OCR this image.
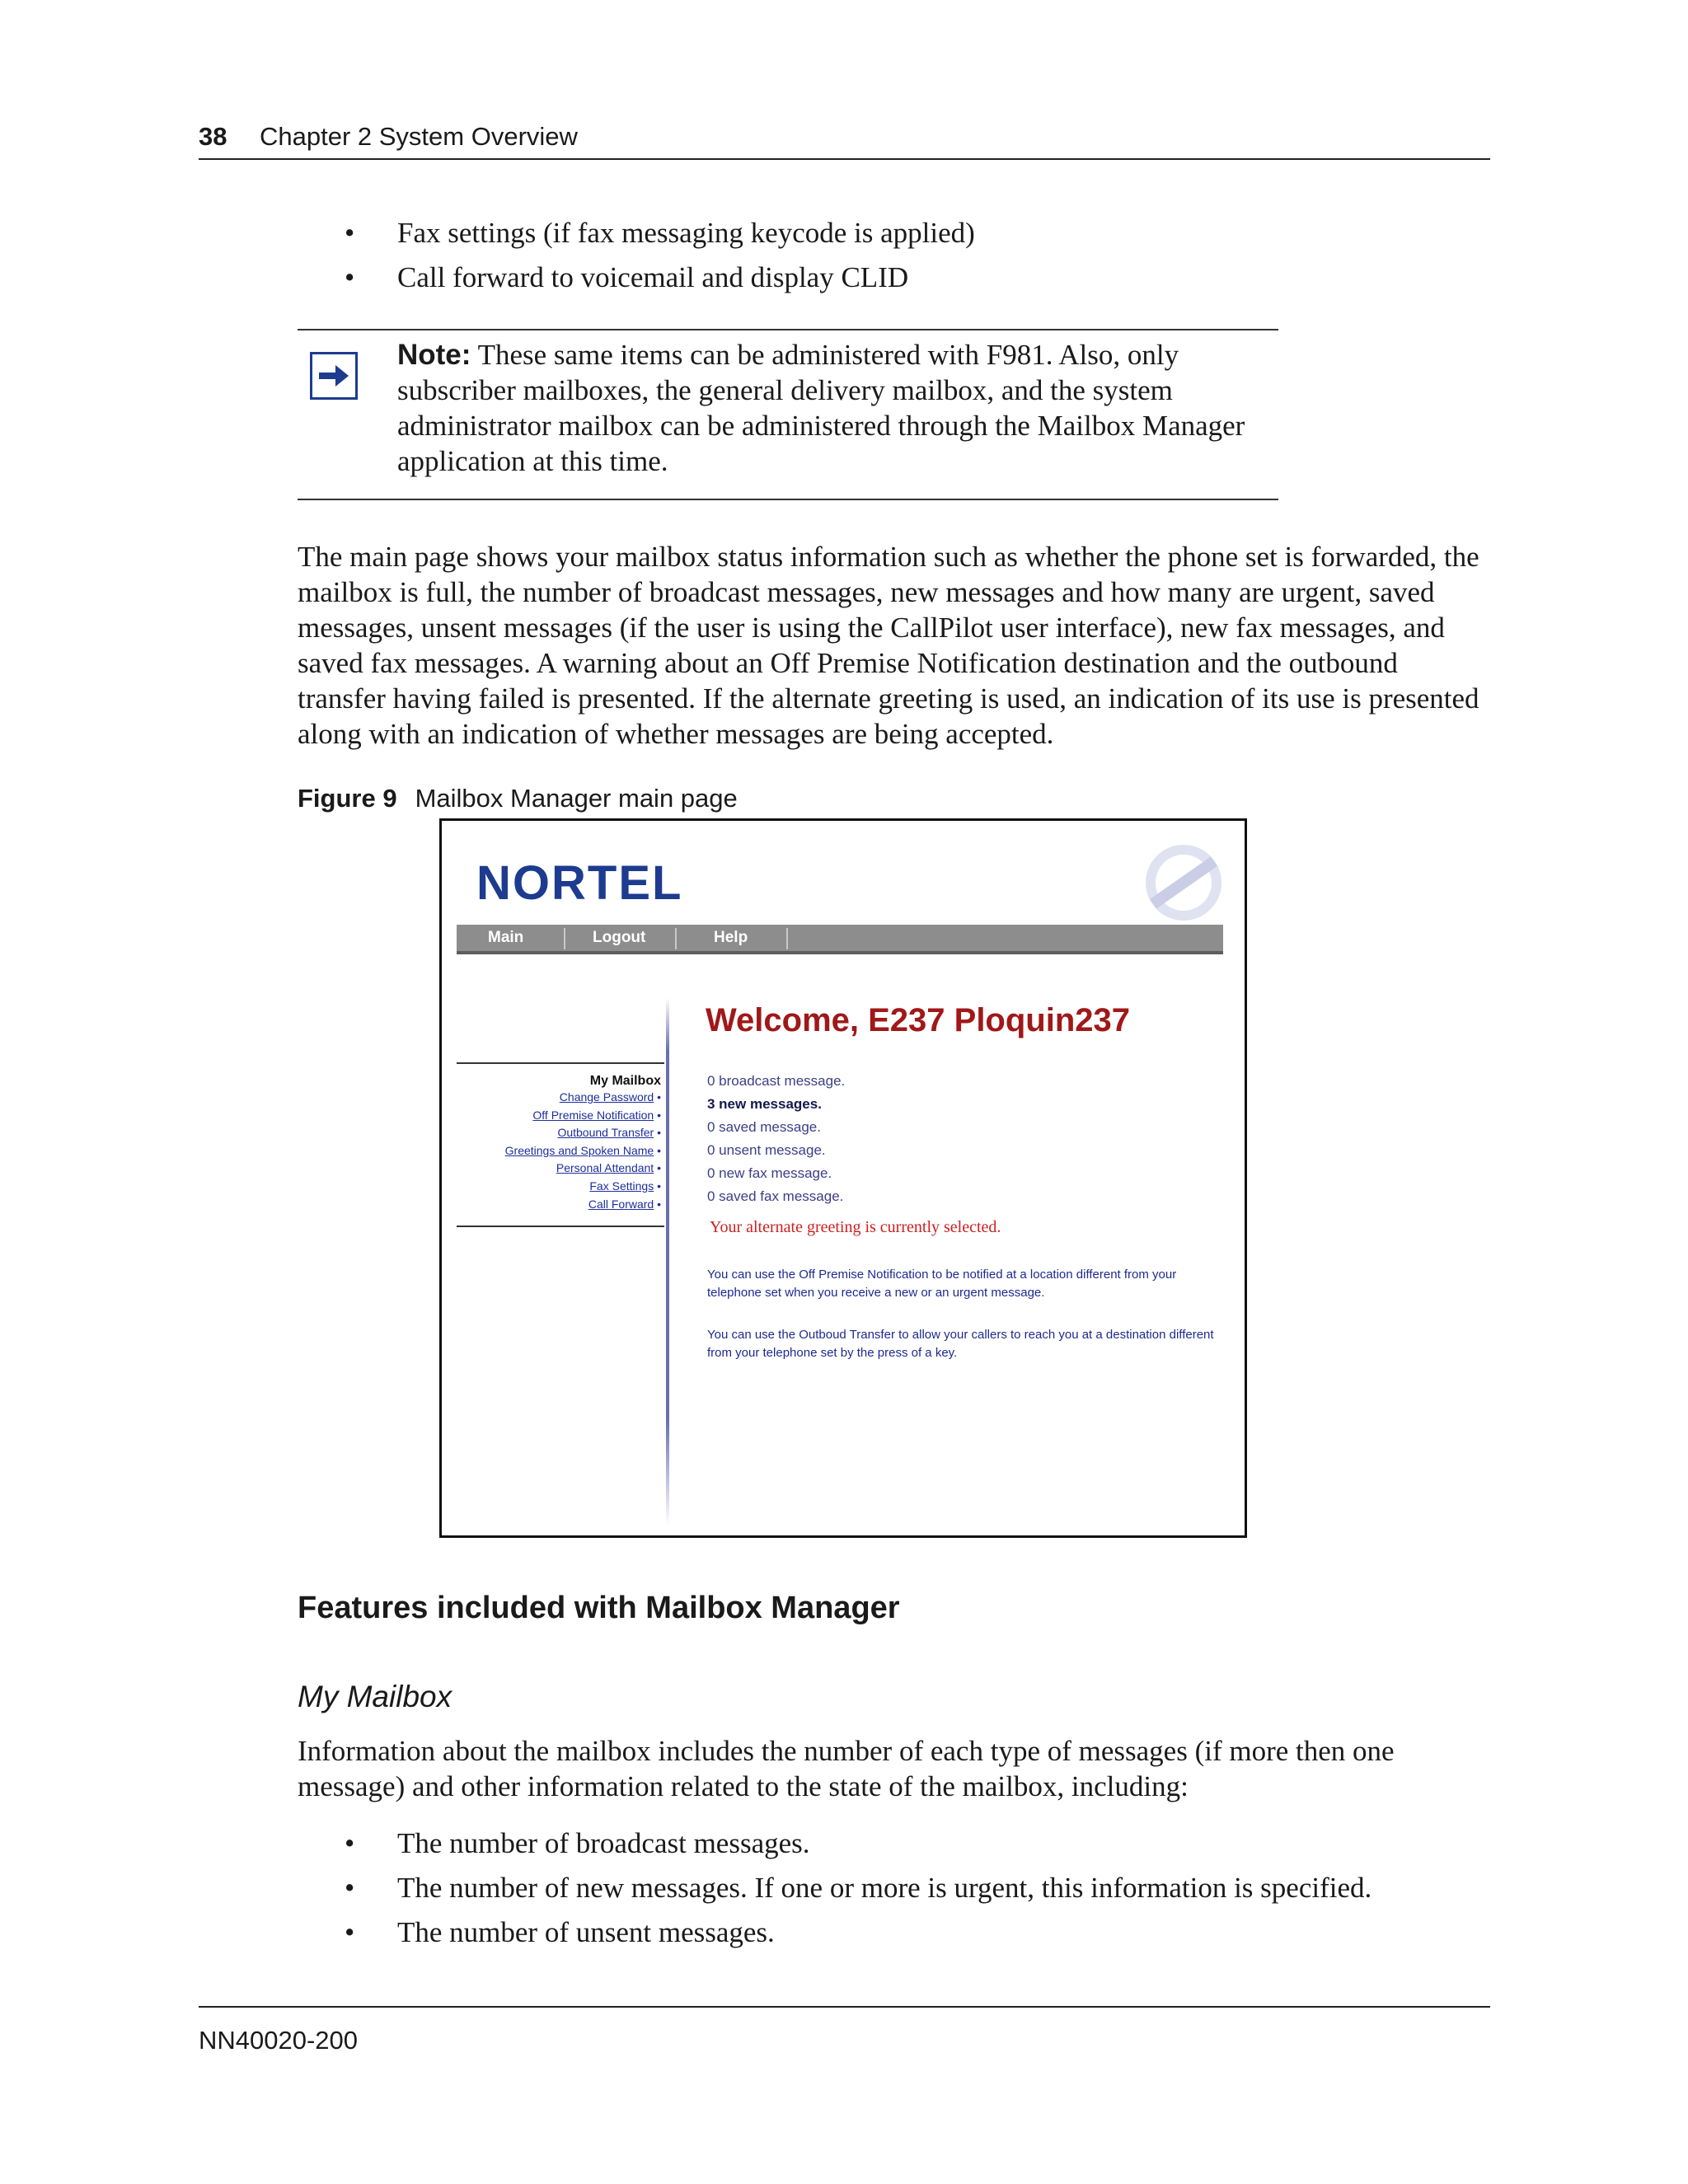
38 Chapter 2 System Overview
• Fax settings (if fax messaging keycode is applied)
• Call forward to voicemail and display CLID
Note: These same items can be administered with F981. Also, only subscriber mailboxes, the general delivery mailbox, and the system administrator mailbox can be administered through the Mailbox Manager application at this time.

The main page shows your mailbox status information such as whether the phone set is forwarded, the mailbox is full, the number of broadcast messages, new messages and how many are urgent, saved messages, unsent messages (if the user is using the CallPilot user interface), new fax messages, and saved fax messages. A warning about an Off Premise Notification destination and the outbound transfer having failed is presented. If the alternate greeting is used, an indication of its use is presented along with an indication of whether messages are being accepted.

Figure 9 Mailbox Manager main page
NORTEL
Main	Logout	Help
My Mailbox
Change Password •
Off Premise Notification •
Outbound Transfer •
Greetings and Spoken Name •
Personal Attendant •
Fax Settings •
Call Forward •
Welcome, E237 Ploquin237
0 broadcast message.
3 new messages.
0 saved message.
0 unsent message.
0 new fax message.
0 saved fax message.
Your alternate greeting is currently selected.
You can use the Off Premise Notification to be notified at a location different from your telephone set when you receive a new or an urgent message.
You can use the Outboud Transfer to allow your callers to reach you at a destination different from your telephone set by the press of a key.
Features included with Mailbox Manager
My Mailbox

Information about the mailbox includes the number of each type of messages (if more then one message) and other information related to the state of the mailbox, including:

• The number of broadcast messages.
• The number of new messages. If one or more is urgent, this information is specified.
• The number of unsent messages.
NN40020-200
